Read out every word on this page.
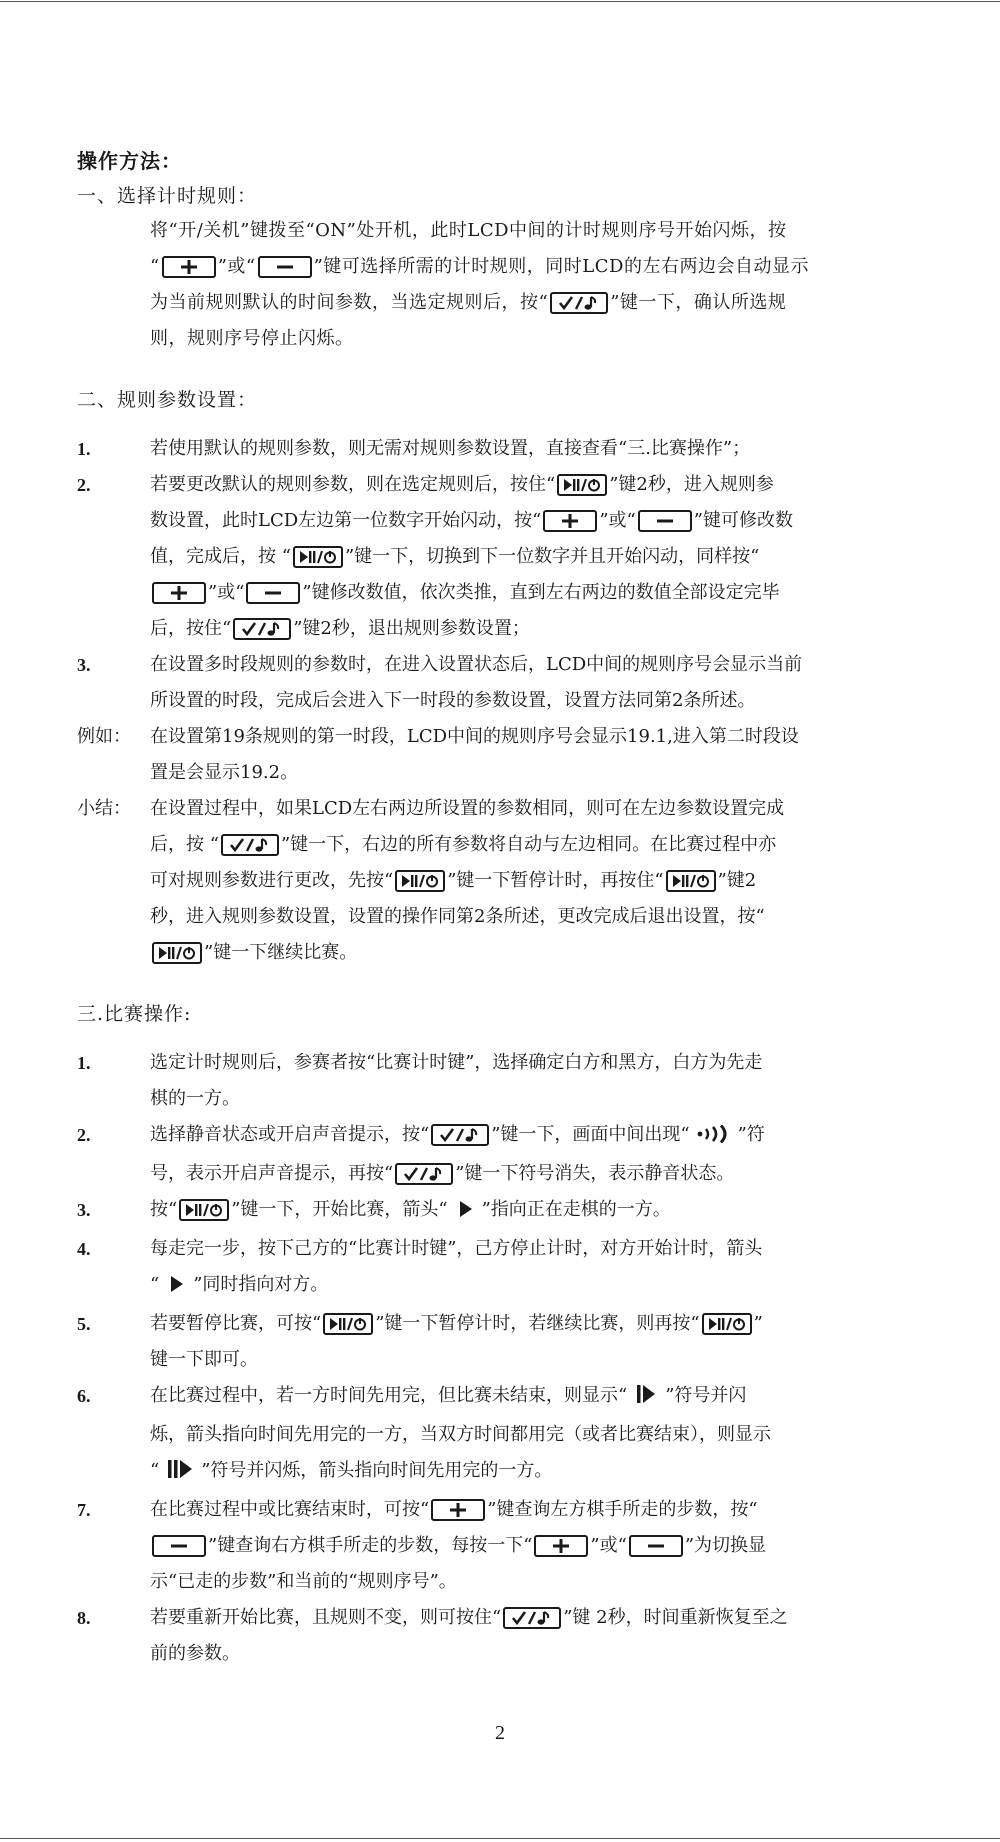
操作方法：
一、选择计时规则：
将“开/关机”键拨至“ON”处开机，此时LCD中间的计时规则序号开始闪烁，按
“	”或“	”键可选择所需的计时规则，同时LCD的左右两边会自动显示
为当前规则默认的时间参数，当选定规则后，按“	”键一下，确认所选规
则，规则序号停止闪烁。
二、规则参数设置：
1.	若使用默认的规则参数，则无需对规则参数设置，直接查看“三.比赛操作”；
2.	若要更改默认的规则参数，则在选定规则后，按住“	”键2秒，进入规则参
数设置，此时LCD左边第一位数字开始闪动，按“	”或“	”键可修改数
值，完成后，按 “	”键一下，切换到下一位数字并且开始闪动，同样按“
”或“	”键修改数值，依次类推，直到左右两边的数值全部设定完毕
后，按住“	”键2秒，退出规则参数设置；
3.	在设置多时段规则的参数时，在进入设置状态后，LCD中间的规则序号会显示当前
所设置的时段，完成后会进入下一时段的参数设置，设置方法同第2条所述。
例如：	在设置第19条规则的第一时段，LCD中间的规则序号会显示19.1,进入第二时段设
置是会显示19.2。
小结：	在设置过程中，如果LCD左右两边所设置的参数相同，则可在左边参数设置完成
后，按 “	”键一下，右边的所有参数将自动与左边相同。在比赛过程中亦
可对规则参数进行更改，先按“	”键一下暂停计时，再按住“	”键2
秒，进入规则参数设置，设置的操作同第2条所述，更改完成后退出设置，按“
”键一下继续比赛。
三.比赛操作:
1.	选定计时规则后，参赛者按“比赛计时键”，选择确定白方和黑方，白方为先走
棋的一方。
2.	选择静音状态或开启声音提示，按“	”键一下，画面中间出现“	”符
号，表示开启声音提示，再按“	”键一下符号消失，表示静音状态。
3.	按“	”键一下，开始比赛，箭头“ ”指向正在走棋的一方。
4.	每走完一步，按下己方的“比赛计时键”，己方停止计时，对方开始计时，箭头
“ ”同时指向对方。
5.	若要暂停比赛，可按“	”键一下暂停计时，若继续比赛，则再按“	”
键一下即可。
6.	在比赛过程中，若一方时间先用完，但比赛未结束，则显示“ ”符号并闪
烁，箭头指向时间先用完的一方，当双方时间都用完（或者比赛结束），则显示
“ ”符号并闪烁，箭头指向时间先用完的一方。
7.	在比赛过程中或比赛结束时，可按“	”键查询左方棋手所走的步数，按“
”键查询右方棋手所走的步数，每按一下“	”或“	”为切换显
示“已走的步数”和当前的“规则序号”。
8.	若要重新开始比赛，且规则不变，则可按住“	”键 2秒，时间重新恢复至之
前的参数。
2
